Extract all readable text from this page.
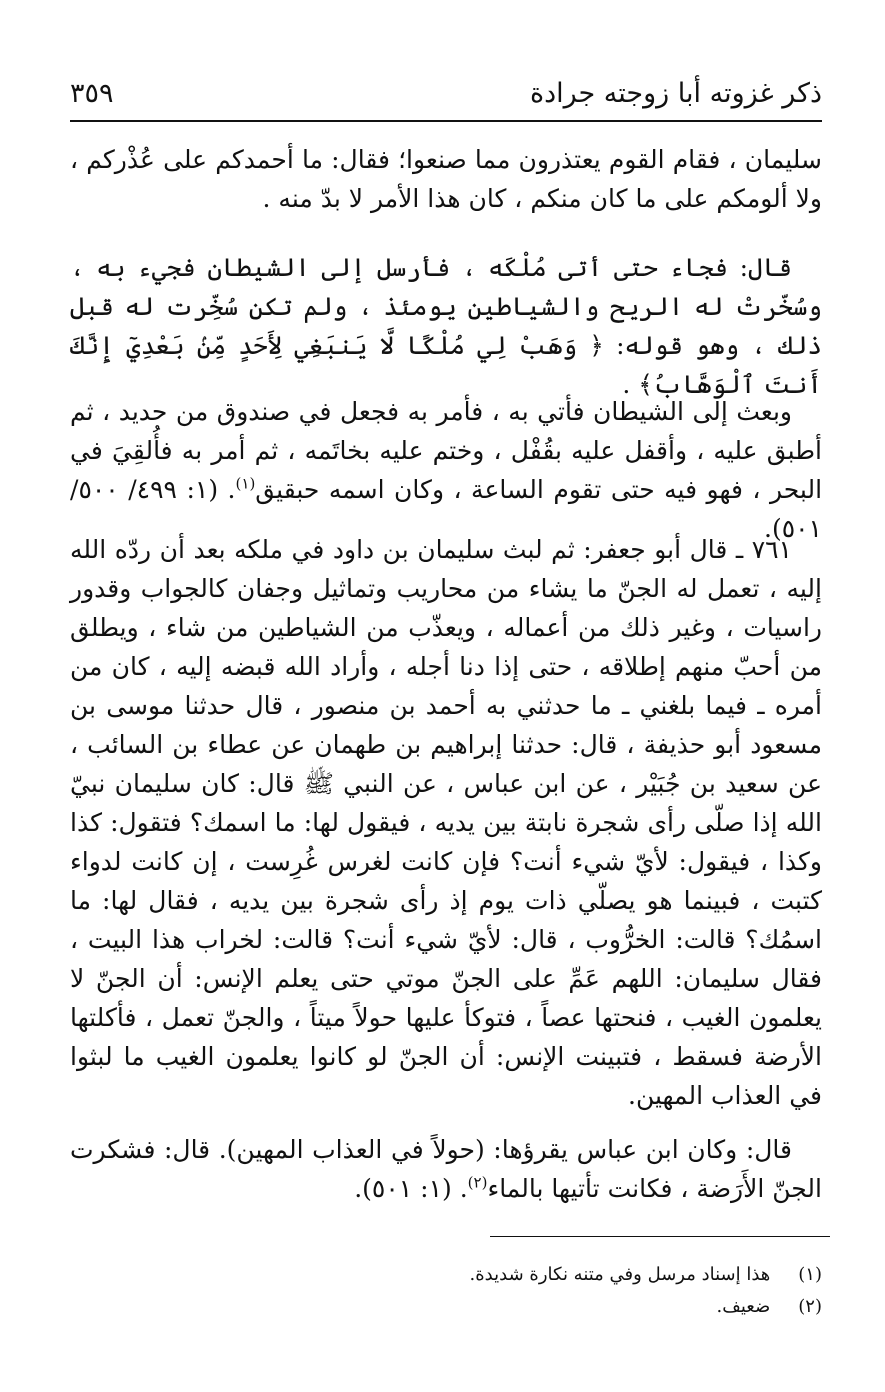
ذكر غزوته أبا زوجته جرادة
٣٥٩

سليمان ، فقام القوم يعتذرون مما صنعوا؛ فقال: ما أحمدكم على عُذْركم ، ولا ألومكم على ما كان منكم ، كان هذا الأمر لا بدّ منه .

قال: فجاء حتى أتى مُلْكَه ، فأرسل إلى الشيطان فجيء به ، وسُخّرتْ له الريح والشياطين يومئذ ، ولم تكن سُخِّرت له قبل ذلك ، وهو قوله: ﴿ وَهَبْ لِي مُلْكًا لَّا يَنبَغِي لِأَحَدٍ مِّنۢ بَعْدِيٓ إِنَّكَ أَنتَ ٱلْوَهَّابُ﴾ .

وبعث إلى الشيطان فأتي به ، فأمر به فجعل في صندوق من حديد ، ثم أطبق عليه ، وأقفل عليه بقُفْل ، وختم عليه بخاتَمه ، ثم أمر به فأُلقِيَ في البحر ، فهو فيه حتى تقوم الساعة ، وكان اسمه حبقيق$^{(١)}$. (١: ٤٩٩/ ٥٠٠/ ٥٠١).

٧٦١ ـ قال أبو جعفر: ثم لبث سليمان بن داود في ملكه بعد أن ردّه الله إليه ، تعمل له الجنّ ما يشاء من محاريب وتماثيل وجفان كالجواب وقدور راسيات ، وغير ذلك من أعماله ، ويعذّب من الشياطين من شاء ، ويطلق من أحبّ منهم إطلاقه ، حتى إذا دنا أجله ، وأراد الله قبضه إليه ، كان من أمره ـ فيما بلغني ـ ما حدثني به أحمد بن منصور ، قال حدثنا موسى بن مسعود أبو حذيفة ، قال: حدثنا إبراهيم بن طهمان عن عطاء بن السائب ، عن سعيد بن جُبَيْر ، عن ابن عباس ، عن النبي ﷺ قال: كان سليمان نبيّ الله إذا صلّى رأى شجرة نابتة بين يديه ، فيقول لها: ما اسمك؟ فتقول: كذا وكذا ، فيقول: لأيّ شيء أنت؟ فإن كانت لغرس غُرِست ، إن كانت لدواء كتبت ، فبينما هو يصلّي ذات يوم إذ رأى شجرة بين يديه ، فقال لها: ما اسمُك؟ قالت: الخرُّوب ، قال: لأيّ شيء أنت؟ قالت: لخراب هذا البيت ، فقال سليمان: اللهم عَمِّ على الجنّ موتي حتى يعلم الإنس: أن الجنّ لا يعلمون الغيب ، فنحتها عصاً ، فتوكأ عليها حولاً ميتاً ، والجنّ تعمل ، فأكلتها الأرضة فسقط ، فتبينت الإنس: أن الجنّ لو كانوا يعلمون الغيب ما لبثوا في العذاب المهين.

قال: وكان ابن عباس يقرؤها: (حولاً في العذاب المهين). قال: فشكرت الجنّ الأَرَضة ، فكانت تأتيها بالماء$^{(٢)}$. (١: ٥٠١).

(١) هذا إسناد مرسل وفي متنه نكارة شديدة.
(٢) ضعيف.
